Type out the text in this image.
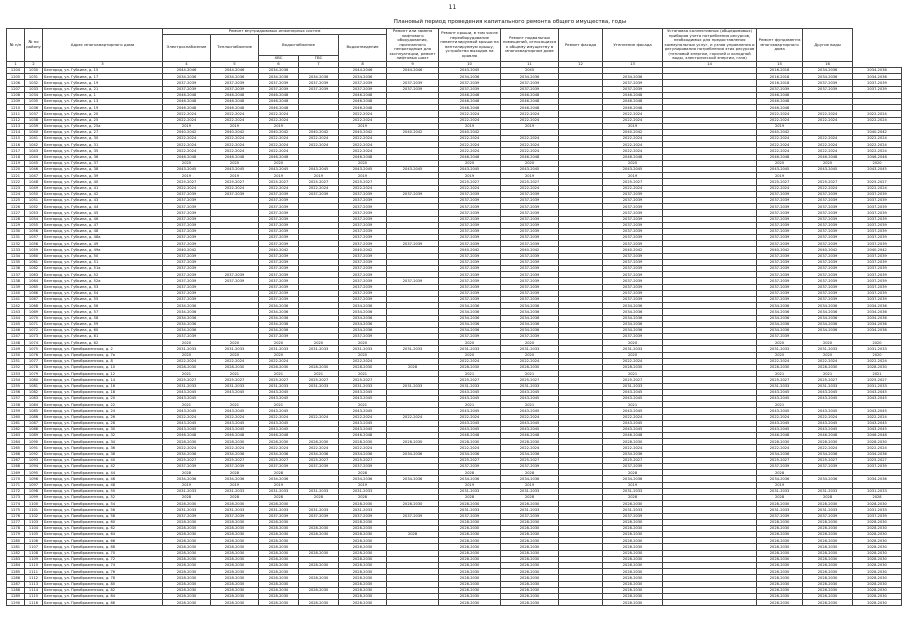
11
Плановый период проведения капитального ремонта общего имущества, годы
№ п/п	№ по району	Адрес многоквартирного дома	Ремонт внутридомовых инженерных систем					Ремонт или замена лифтового оборудования, признанного непригодным для эксплуатации, ремонт лифтовых шахт	Ремонт крыши, в том числе переоборудование невентилируемой крыши на вентилируемую крышу, устройство выходов на кровлю	Ремонт подвальных помещений, относящихся к общему имуществу в многоквартирном доме	Ремонт фасада	Утепление фасада	Установка коллективных (общедомовых) приборов учета потребления ресурсов, необходимых для предоставления коммунальных услуг, и узлов управления и регулирования потребления этих ресурсов (тепловой энергии, горячей и холодной воды, электрической энергии, газа)	Ремонт фундамента многоквартирного дома	Другие виды	
			Электроснабжение	Теплоснабжение	Водоснабжение		Водоотведение									
					ХВС	ГВС										
1	2	3	4	5	6	7	8	9	10	11	12	13	14	15	16	
1204	1030	Белгород, ул. Губкина, д. 15	2044-2046	2044-2046	2034-2036		2044-2046	2044-2046	2043-2045	2045				2016-2018	2034-2036	2034-2036
1205	1031	Белгород, ул. Губкина, д. 17	2034-2036	2034-2036	2034-2036	2034-2036	2034-2036		2034-2036	2034-2036		2034-2036		2016-2018	2034-2036	2034-2036
1206	1032	Белгород, ул. Губкина, д. 19	2037-2039	2037-2039	2037-2039	2037-2039	2037-2039	2037-2039	2037-2039	2037-2039		2037-2039		2016-2018	2037-2039	2037-2039
1207	1033	Белгород, ул. Губкина, д. 21	2037-2039	2037-2039	2037-2039	2037-2039	2037-2039	2037-2039	2037-2039	2037-2039		2037-2039		2037-2039	2037-2039	2037-2039
1208	1034	Белгород, ул. Губкина, д. 1	2046-2048	2046-2048	2046-2048		2046-2048		2046-2048	2046-2048		2046-2048		2046-2048		
1209	1035	Белгород, ул. Губкина, д. 13	2046-2048	2046-2048	2046-2048		2046-2048		2046-2048	2046-2048		2046-2048		2046-2048		
1210	1036	Белгород, ул. Губкина, д. 19	2046-2048	2046-2048	2046-2048		2046-2048		2046-2048	2046-2048		2046-2048		2046-2048		
1211	1037	Белгород, ул. Губкина, д. 20	2022-2024	2022-2024	2022-2024		2022-2024		2022-2024	2022-2024		2022-2024		2022-2024	2022-2024	2022-2024
1212	1038	Белгород, ул. Губкина, д. 25	2022-2024	2022-2024	2022-2024		2022-2024		2022-2024	2022-2024		2022-2024		2022-2024	2022-2024	2022-2024
1213	1039	Белгород, ул. Губкина, д. 25а	2019	2019	2019		2019		2019	2019		2019		2019		
1214	1040	Белгород, ул. Губкина, д. 27	2040-2042	2040-2042	2040-2042	2040-2042	2040-2042	2040-2042	2040-2042			2040-2042		2040-2042		2040-2042
1215	1041	Белгород, ул. Губкина, д. 30	2022-2024	2022-2024	2022-2024	2022-2024	2022-2024		2022-2024	2022-2024		2022-2024		2022-2024	2022-2024	2022-2024
1216	1042	Белгород, ул. Губкина, д. 31	2022-2024	2022-2024	2022-2024	2022-2024	2022-2024		2022-2024	2022-2024		2022-2024		2022-2024	2022-2024	2022-2024
1217	1043	Белгород, ул. Губкина, д. 35	2022-2024	2022-2024	2022-2024		2022-2024		2022-2024	2022-2024		2022-2024		2022-2024	2022-2024	2022-2024
1218	1044	Белгород, ул. Губкина, д. 36	2046-2048	2046-2048	2046-2048		2046-2048		2046-2048	2046-2048		2046-2048		2046-2048	2046-2048	2046-2048
1219	1045	Белгород, ул. Губкина, д. 37	2020	2020	2020		2020		2020	2020		2020		2020	2020	2020
1220	1046	Белгород, ул. Губкина, д. 38	2043-2045	2043-2045	2043-2045	2043-2045	2043-2045	2043-2045	2043-2045	2043-2045		2043-2045		2043-2045	2043-2045	2043-2045
1221	1047	Белгород, ул. Губкина, д. 39	2019	2019	2019	2019	2019		2019	2019		2019		2019		
1222	1048	Белгород, ул. Губкина, д. 40	2025-2027	2025-2027	2025-2027	2025-2027	2025-2027		2025-2027	2025-2027		2025-2027		2025-2027	2025-2027	2025-2027
1223	1049	Белгород, ул. Губкина, д. 41	2022-2024	2022-2024	2022-2024	2022-2024	2022-2024		2022-2024	2022-2024		2022-2024		2022-2024	2022-2024	2022-2024
1224	1050	Белгород, ул. Губкина, д. 42	2037-2039	2037-2039	2037-2039	2037-2039	2037-2039	2037-2039	2037-2039	2037-2039		2037-2039		2037-2039	2037-2039	2037-2039
1225	1051	Белгород, ул. Губкина, д. 43	2037-2039		2037-2039		2037-2039		2037-2039	2037-2039		2037-2039		2037-2039	2037-2039	2037-2039
1226	1052	Белгород, ул. Губкина, д. 44	2037-2039		2037-2039		2037-2039		2037-2039	2037-2039		2037-2039		2037-2039	2037-2039	2037-2039
1227	1053	Белгород, ул. Губкина, д. 45	2037-2039		2037-2039		2037-2039		2037-2039	2037-2039		2037-2039		2037-2039	2037-2039	2037-2039
1228	1054	Белгород, ул. Губкина, д. 46	2037-2039		2037-2039		2037-2039		2037-2039	2037-2039		2037-2039		2037-2039	2037-2039	2037-2039
1229	1055	Белгород, ул. Губкина, д. 47	2037-2039		2037-2039		2037-2039		2037-2039	2037-2039		2037-2039		2037-2039	2037-2039	2037-2039
1230	1056	Белгород, ул. Губкина, д. 48	2037-2039		2037-2039		2037-2039		2037-2039	2037-2039		2037-2039		2037-2039	2037-2039	2037-2039
1231	1057	Белгород, ул. Губкина, д. 48а	2037-2039		2037-2039		2037-2039		2037-2039	2037-2039		2037-2039		2037-2039	2037-2039	2037-2039
1232	1058	Белгород, ул. Губкина, д. 49	2037-2039		2037-2039		2037-2039	2037-2039	2037-2039	2037-2039		2037-2039		2037-2039	2037-2039	2037-2039
1233	1059	Белгород, ул. Губкина, д. 49а	2040-2042		2040-2042		2040-2042		2040-2042	2040-2042		2040-2042		2040-2042	2040-2042	2040-2042
1234	1060	Белгород, ул. Губкина, д. 50	2037-2039		2037-2039		2037-2039		2037-2039	2037-2039		2037-2039		2037-2039	2037-2039	2037-2039
1235	1061	Белгород, ул. Губкина, д. 51	2037-2039		2037-2039		2037-2039		2037-2039	2037-2039		2037-2039		2037-2039	2037-2039	2037-2039
1236	1062	Белгород, ул. Губкина, д. 51а	2037-2039		2037-2039		2037-2039		2037-2039	2037-2039		2037-2039		2037-2039	2037-2039	2037-2039
1237	1063	Белгород, ул. Губкина, д. 52	2037-2039	2037-2039	2037-2039		2037-2039		2037-2039	2037-2039		2037-2039		2037-2039	2037-2039	2037-2039
1238	1064	Белгород, ул. Губкина, д. 52а	2037-2039	2037-2039	2037-2039		2037-2039	2037-2039	2037-2039	2037-2039		2037-2039		2037-2039	2037-2039	2037-2039
1239	1065	Белгород, ул. Губкина, д. 53	2037-2039		2037-2039		2037-2039		2037-2039	2037-2039		2037-2039		2037-2039	2037-2039	2037-2039
1240	1066	Белгород, ул. Губкина, д. 54	2037-2039		2037-2039		2037-2039		2037-2039	2037-2039		2037-2039		2037-2039	2037-2039	2037-2039
1241	1067	Белгород, ул. Губкина, д. 55	2037-2039		2037-2039		2037-2039		2037-2039	2037-2039		2037-2039		2037-2039	2037-2039	2037-2039
1242	1068	Белгород, ул. Губкина, д. 56	2034-2036		2034-2036		2034-2036		2034-2036	2034-2036		2034-2036		2034-2036	2034-2036	2034-2036
1243	1069	Белгород, ул. Губкина, д. 57	2034-2036		2034-2036		2034-2036		2034-2036	2034-2036		2034-2036		2034-2036	2034-2036	2034-2036
1244	1070	Белгород, ул. Губкина, д. 58	2034-2036		2034-2036		2034-2036		2034-2036	2034-2036		2034-2036		2034-2036	2034-2036	2034-2036
1245	1071	Белгород, ул. Губкина, д. 59	2034-2036		2034-2036		2034-2036		2034-2036	2034-2036		2034-2036		2034-2036	2034-2036	2034-2036
1246	1072	Белгород, ул. Губкина, д. 60	2034-2036		2034-2036		2034-2036		2034-2036	2034-2036		2034-2036		2034-2036	2034-2036	2034-2036
1247	1073	Белгород, ул. Губкина, д. 61	2037-2039		2037-2039		2037-2039		2037-2039	2037-2039		2037-2039		2037-2039		
1248	1074	Белгород, ул. Губкина, д. 62	2020	2020	2020	2020	2020		2020	2020		2020		2020	2020	2020
1249	1075	Белгород, ул. Преображенская, д. 2	2031-2033	2031-2033	2031-2033	2031-2033	2031-2033	2031-2033	2031-2033	2031-2033		2031-2033		2031-2033	2031-2033	2031-2033
1250	1076	Белгород, ул. Преображенская, д. 7а	2020	2020	2020		2020		2020	2020		2020		2020	2020	2020
1251	1077	Белгород, ул. Преображенская, д. 8	2022-2024	2022-2024	2022-2024		2022-2024		2022-2024	2022-2024		2022-2024		2022-2024	2022-2024	2022-2024
1252	1078	Белгород, ул. Преображенская, д. 10	2028-2030	2028-2030	2028-2030	2028-2030	2028-2030	2028	2028-2030	2028-2030		2028-2030		2028-2030	2028-2030	2028-2030
1253	1079	Белгород, ул. Преображенская, д. 12	2021	2021	2021	2021	2021		2021	2021		2021		2021	2021	2021
1254	1080	Белгород, ул. Преображенская, д. 14	2025-2027	2025-2027	2025-2027	2025-2027	2025-2027		2025-2027	2025-2027		2025-2027		2025-2027	2025-2027	2025-2027
1255	1081	Белгород, ул. Преображенская, д. 16	2031-2033	2031-2033	2031-2033	2031-2033	2031-2033	2031-2033	2031-2033	2031-2033		2031-2033		2031-2033	2031-2033	2031-2033
1256	1082	Белгород, ул. Преображенская, д. 18	2043-2045	2043-2045	2043-2045		2043-2045		2043-2045	2043-2045		2043-2045		2043-2045	2043-2045	2043-2045
1257	1083	Белгород, ул. Преображенская, д. 20	2043-2045		2043-2045		2043-2045		2043-2045	2043-2045		2043-2045		2043-2045	2043-2045	2043-2045
1258	1084	Белгород, ул. Преображенская, д. 22	2021	2021	2021		2021		2021	2021		2021		2021		
1259	1085	Белгород, ул. Преображенская, д. 24	2043-2045	2043-2045	2043-2045		2043-2045		2043-2045	2043-2045		2043-2045		2043-2045	2043-2045	2043-2045
1260	1086	Белгород, ул. Преображенская, д. 26	2022-2024	2022-2024	2022-2024	2022-2024	2022-2024	2022-2024	2022-2024	2022-2024		2022-2024		2022-2024	2022-2024	2022-2024
1261	1087	Белгород, ул. Преображенская, д. 28	2043-2045	2043-2045	2043-2045		2043-2045		2043-2045	2043-2045		2043-2045		2043-2045	2043-2045	2043-2045
1262	1088	Белгород, ул. Преображенская, д. 30	2043-2045	2043-2045	2043-2045		2043-2045		2043-2045	2043-2045		2043-2045		2043-2045	2043-2045	2043-2045
1263	1089	Белгород, ул. Преображенская, д. 32	2046-2048	2046-2048	2046-2048		2046-2048		2046-2048	2046-2048		2046-2048		2046-2048	2046-2048	2046-2048
1264	1090	Белгород, ул. Преображенская, д. 34	2028-2030	2028-2030	2028-2030	2028-2030	2028-2030	2028-2030	2028-2030	2028-2030		2028-2030		2028-2030	2028-2030	2028-2030
1265	1091	Белгород, ул. Преображенская, д. 36	2022-2024	2022-2024	2022-2024	2022-2024	2022-2024		2022-2024	2022-2024		2022-2024		2022-2024	2022-2024	2022-2024
1266	1092	Белгород, ул. Преображенская, д. 38	2034-2036	2034-2036	2034-2036	2034-2036	2034-2036	2034-2036	2034-2036	2034-2036		2034-2036		2034-2036	2034-2036	2034-2036
1267	1093	Белгород, ул. Преображенская, д. 40	2025-2027	2025-2027	2025-2027	2025-2027	2025-2027		2025-2027	2025-2027		2025-2027		2025-2027	2025-2027	2025-2027
1268	1094	Белгород, ул. Преображенская, д. 42	2037-2039	2037-2039	2037-2039	2037-2039	2037-2039		2037-2039	2037-2039		2037-2039		2037-2039	2037-2039	2037-2039
1269	1095	Белгород, ул. Преображенская, д. 44	2028	2028	2028		2028		2028	2028		2028		2028		
1270	1096	Белгород, ул. Преображенская, д. 46	2034-2036	2034-2036	2034-2036		2034-2036	2034-2036	2034-2036	2034-2036		2034-2036		2034-2036	2034-2036	2034-2036
1271	1097	Белгород, ул. Преображенская, д. 48	2019	2019	2019		2019		2019	2019		2019		2019		
1272	1098	Белгород, ул. Преображенская, д. 50	2031-2033	2031-2033	2031-2033	2031-2033	2031-2033		2031-2033	2031-2033		2031-2033		2031-2033	2031-2033	2031-2033
1273	1099	Белгород, ул. Преображенская, д. 52	2028	2028	2028	2028	2028		2028	2028		2028		2028	2028	2028
1274	1100	Белгород, ул. Преображенская, д. 54	2028-2030	2028-2030	2028-2030		2028-2030	2028-2030	2028-2030	2028-2030		2028-2030		2028-2030	2028-2030	2028-2030
1275	1101	Белгород, ул. Преображенская, д. 56	2031-2033	2031-2033	2031-2033	2031-2033	2031-2033		2031-2033	2031-2033		2031-2033		2031-2033	2031-2033	2031-2033
1276	1102	Белгород, ул. Преображенская, д. 58	2037-2039	2037-2039	2037-2039	2037-2039	2037-2039	2037-2039	2037-2039	2037-2039		2037-2039		2037-2039	2037-2039	2037-2039
1277	1103	Белгород, ул. Преображенская, д. 60	2028-2030	2028-2030	2028-2030		2028-2030		2028-2030	2028-2030		2028-2030		2028-2030	2028-2030	2028-2030
1278	1104	Белгород, ул. Преображенская, д. 62	2028-2030	2028-2030	2028-2030	2028-2030	2028-2030		2028-2030	2028-2030		2028-2030		2028-2030	2028-2030	2028-2030
1279	1105	Белгород, ул. Преображенская, д. 64	2028-2030	2028-2030	2028-2030	2028-2030	2028-2030	2028	2028-2030	2028-2030		2028-2030		2028-2030	2028-2030	2028-2030
1280	1106	Белгород, ул. Преображенская, д. 66	2028-2030	2028-2030	2028-2030		2028-2030		2028-2030	2028-2030		2028-2030		2028-2030	2028-2030	2028-2030
1281	1107	Белгород, ул. Преображенская, д. 68	2028-2030	2028-2030	2028-2030		2028-2030		2028-2030	2028-2030		2028-2030		2028-2030	2028-2030	2028-2030
1282	1108	Белгород, ул. Преображенская, д. 70	2028-2030	2028-2030	2028-2030	2028-2030	2028-2030		2028-2030	2028-2030		2028-2030		2028-2030	2028-2030	2028-2030
1283	1109	Белгород, ул. Преображенская, д. 72	2028-2030	2028-2030	2028-2030		2028-2030		2028-2030	2028-2030		2028-2030		2028-2030	2028-2030	2028-2030
1284	1110	Белгород, ул. Преображенская, д. 74	2028-2030	2028-2030	2028-2030	2028-2030	2028-2030		2028-2030	2028-2030		2028-2030		2028-2030	2028-2030	2028-2030
1285	1111	Белгород, ул. Преображенская, д. 76	2028-2030	2028-2030	2028-2030		2028-2030		2028-2030	2028-2030		2028-2030		2028-2030	2028-2030	2028-2030
1286	1112	Белгород, ул. Преображенская, д. 78	2028-2030	2028-2030	2028-2030	2028-2030	2028-2030		2028-2030	2028-2030		2028-2030		2028-2030	2028-2030	2028-2030
1287	1113	Белгород, ул. Преображенская, д. 80	2028-2030	2028-2030	2028-2030		2028-2030		2028-2030	2028-2030		2028-2030		2028-2030	2028-2030	2028-2030
1288	1114	Белгород, ул. Преображенская, д. 82	2028-2030	2028-2030	2028-2030	2028-2030	2028-2030		2028-2030	2028-2030		2028-2030		2028-2030	2028-2030	2028-2030
1289	1115	Белгород, ул. Преображенская, д. 84	2028-2030	2028-2030	2028-2030		2028-2030		2028-2030	2028-2030		2028-2030		2028-2030	2028-2030	2028-2030
1290	1116	Белгород, ул. Преображенская, д. 86	2028-2030	2028-2030	2028-2030	2028-2030	2028-2030		2028-2030	2028-2030		2028-2030		2028-2030	2028-2030	2028-2030
